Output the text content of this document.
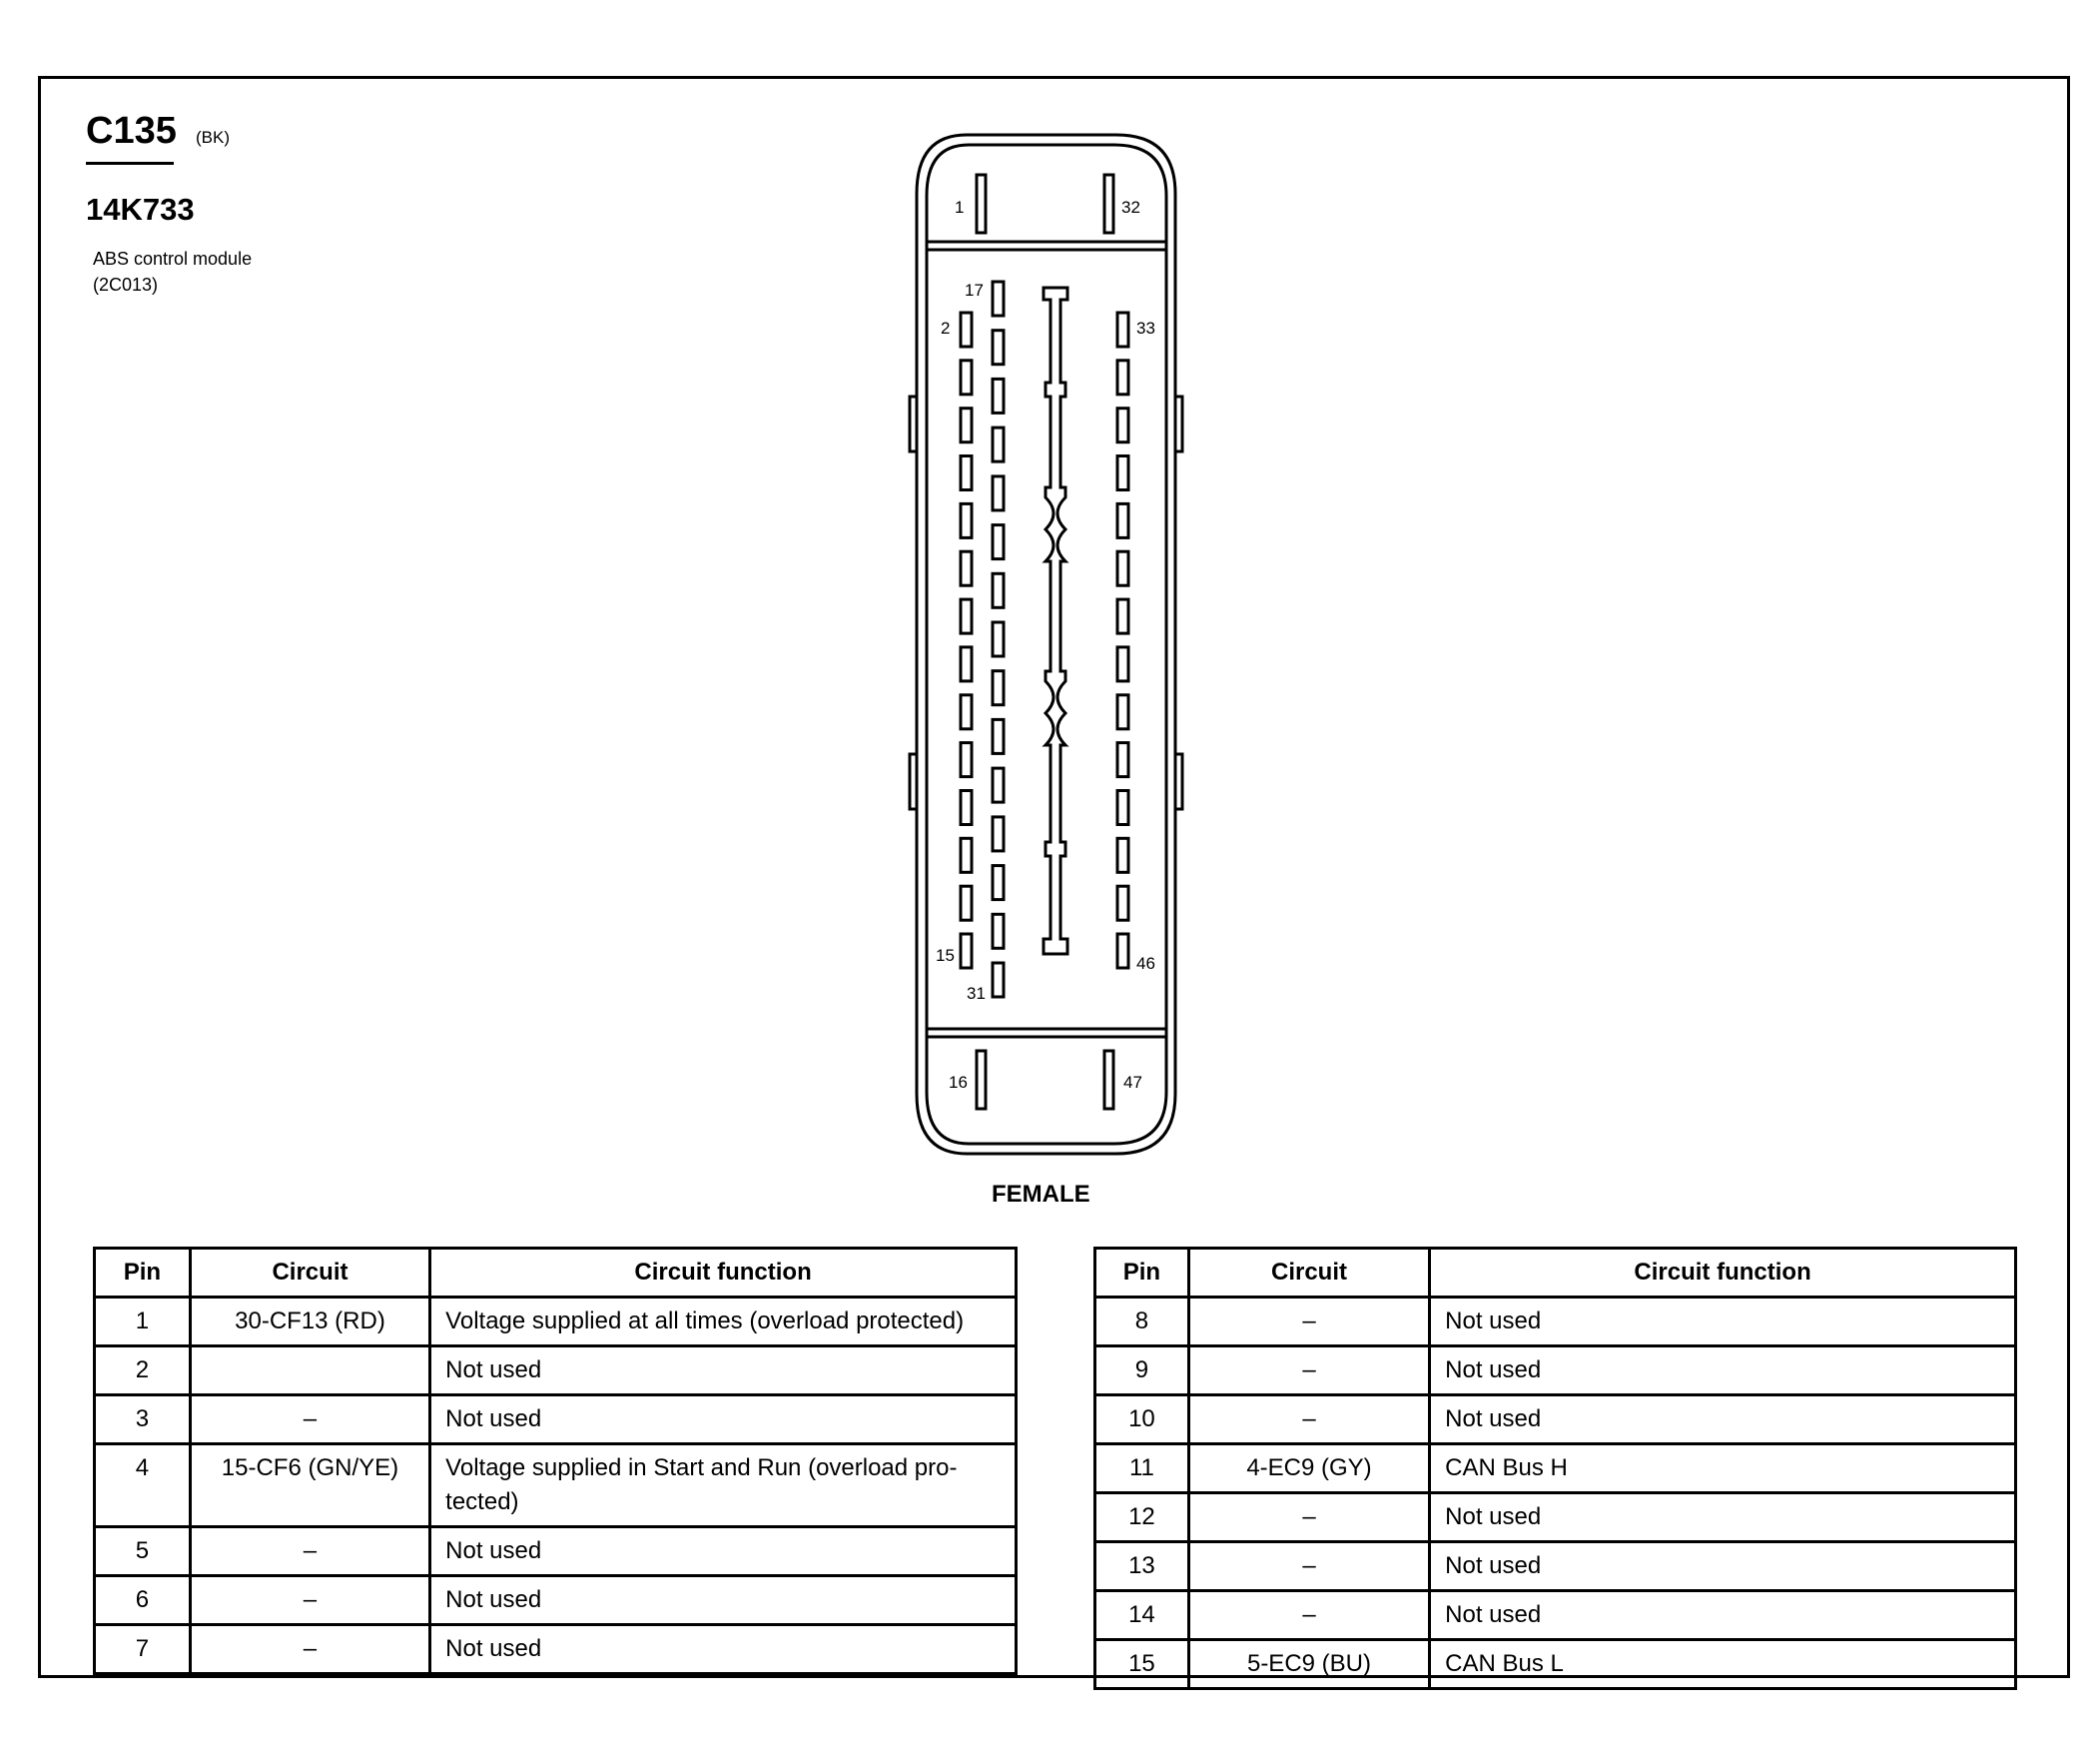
C135 (BK)
14K733
ABS control module
(2C013)
1	32
17
2	33
15
31
46
16	47
FEMALE
Pin	Circuit	Circuit function
1	30-CF13 (RD)	Voltage supplied at all times (overload protected)
2		Not used
3	–	Not used
4	15-CF6 (GN/YE)	Voltage supplied in Start and Run (overload pro-tected)
5	–	Not used
6	–	Not used
7	–	Not used
Pin	Circuit	Circuit function
8	–	Not used
9	–	Not used
10	–	Not used
11	4-EC9 (GY)	CAN Bus H
12	–	Not used
13	–	Not used
14	–	Not used
15	5-EC9 (BU)	CAN Bus L
